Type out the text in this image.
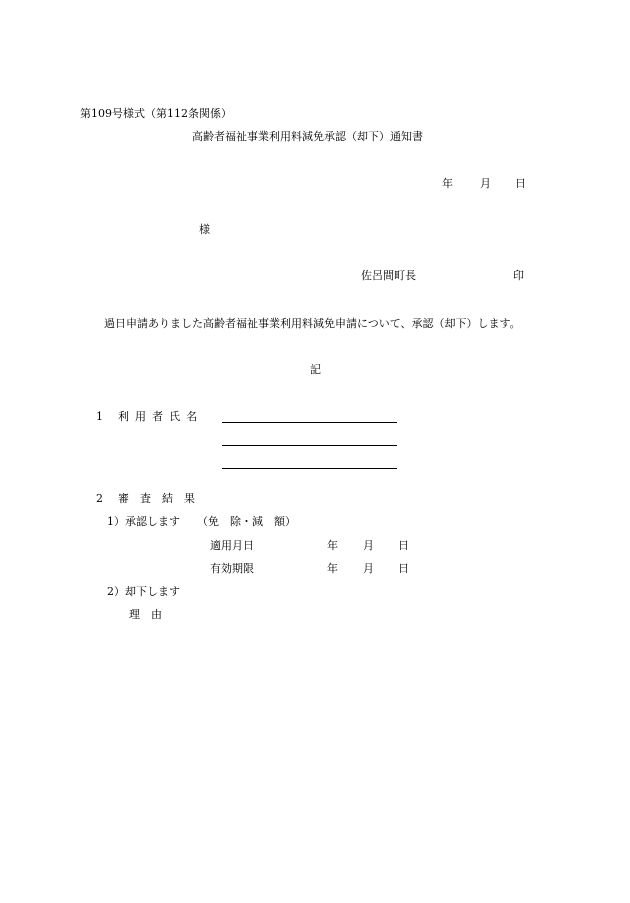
第109号様式（第112条関係）
高齢者福祉事業利用料減免承認（却下）通知書
年 月 日
様
佐呂間町長	印
過日申請ありました高齢者福祉事業利用料減免申請について、承認（却下）します。
記
1 利用者氏名
2 審査結果
1）承認します （免　除・減　額）
適用月日	年 月 日
有効期限	年 月 日
2）却下します
理　由
